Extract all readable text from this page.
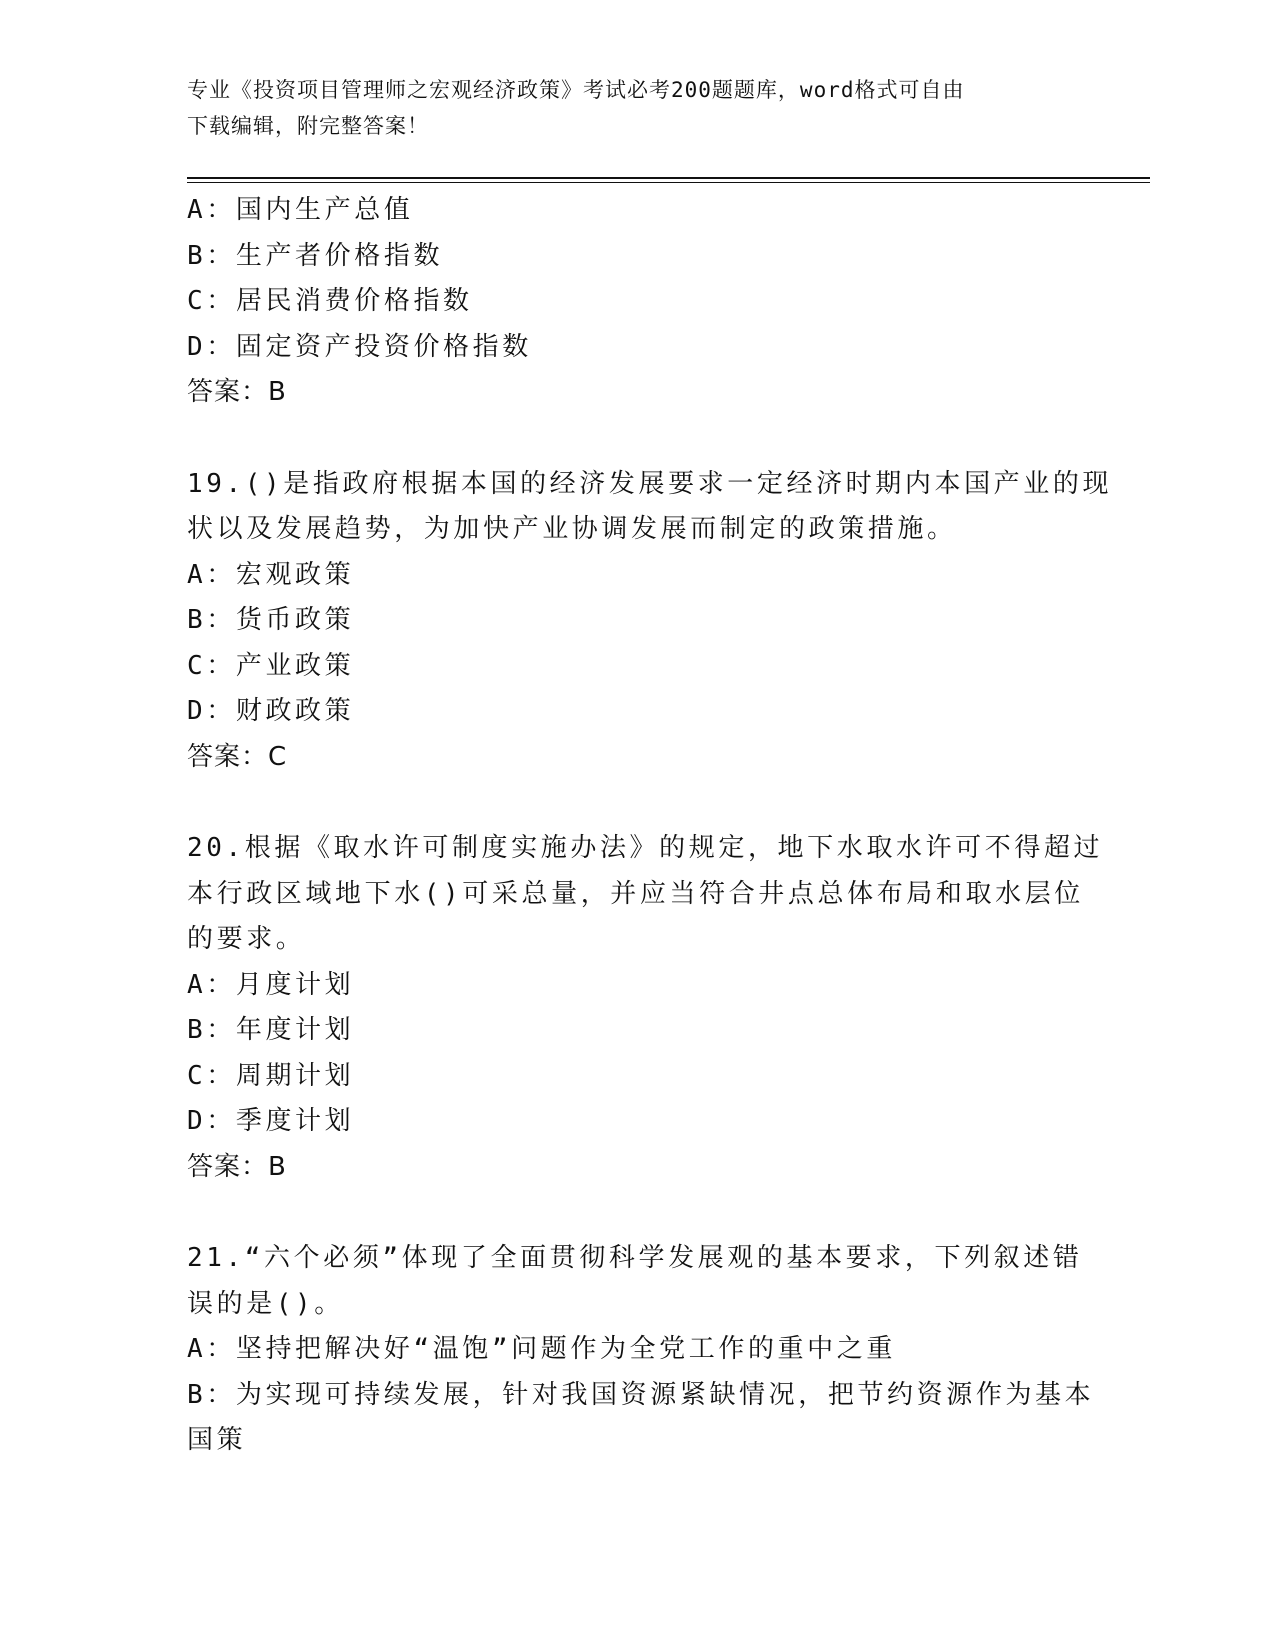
专业《投资项目管理师之宏观经济政策》考试必考200题题库，word格式可自由
下载编辑，附完整答案！
A：国内生产总值
B：生产者价格指数
C：居民消费价格指数
D：固定资产投资价格指数
答案：B
19.()是指政府根据本国的经济发展要求一定经济时期内本国产业的现
状以及发展趋势，为加快产业协调发展而制定的政策措施。
A：宏观政策
B：货币政策
C：产业政策
D：财政政策
答案：C
20.根据《取水许可制度实施办法》的规定，地下水取水许可不得超过
本行政区域地下水()可采总量，并应当符合井点总体布局和取水层位
的要求。
A：月度计划
B：年度计划
C：周期计划
D：季度计划
答案：B
21.“六个必须”体现了全面贯彻科学发展观的基本要求，下列叙述错
误的是()。
A：坚持把解决好“温饱”问题作为全党工作的重中之重
B：为实现可持续发展，针对我国资源紧缺情况，把节约资源作为基本
国策
